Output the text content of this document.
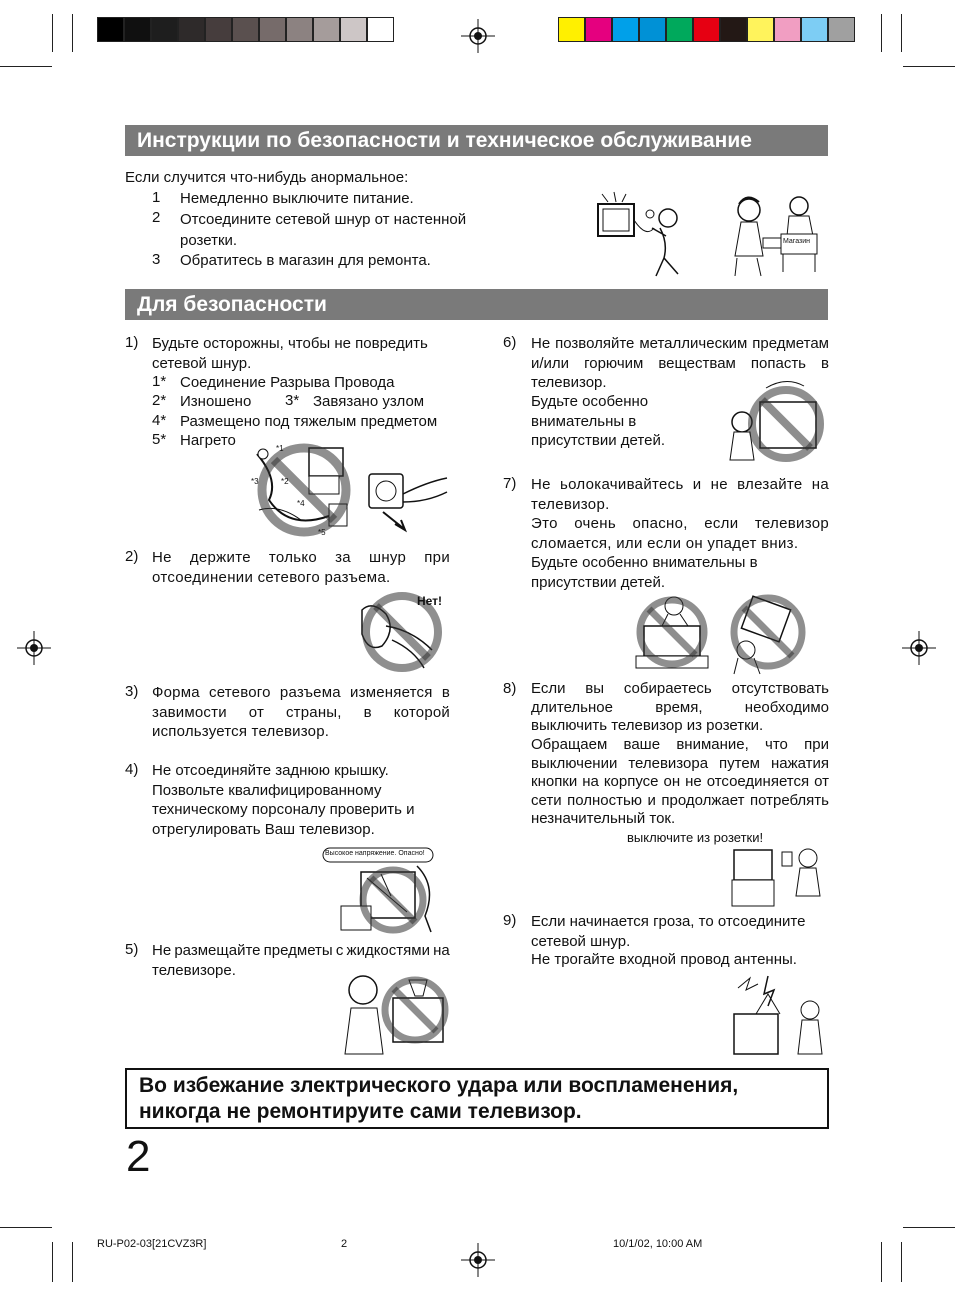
Инструкции по безопасности и техническое обслуживание
Если случится что-нибудь анормальное:
1 Немедленно выключите питание.
2 Отсоедините сетевой шнур от настенной розетки.
3 Обратитесь в магазин для ремонта.
Магазин
Для безопасности
1) Будьте осторожны, чтобы не повредить сетевой шнур.
1* Соединение Разрыва Провода
2* Изношено 3* Завязано узлом
4* Размещено под тяжелым предметом
5* Нагрето	*1
*2
*3
*4
*5
2) Не держите только за шнур при отсоединении сетевого разъема.
Нет!
3) Форма сетевого разъема изменяется в завимости от страны, в которой используется телевизор.
4) Не отсоединяйте заднюю крышку. Позвольте квалифицированному техническому порсоналу проверить и отрегулировать Ваш телевизор.
Высокое напряжение. Опасно!
5) Не размещайте предметы с жидкостями на телевизоре.
6) Не позволяйте металлическим предметам и/или горючим веществам попасть в телевизор.
Будьте особенно внимательны в присутствии детей.
7) Не ьолокачивайтесь и не влезайте на телевизор.
Это очень опасно, если телевизор сломается, или если он упадет вниз.
Будьте особенно внимательны в присутствии детей.
8) Если вы собираетесь отсутствовать длительное время, необходимо выключить телевизор из розетки.
Обращаем ваше внимание, что при выключении телевизора путем нажатия кнопки на корпусе он не отсоединяется от сети полностью и продолжает потреблять незначительный ток.
выключите из розетки!
9) Если начинается гроза, то отсоедините сетевой шнур.
Не трогайте входной провод антенны.
Во избежание злектрического удара или воспламенения,
никогда не ремонтируите сами телевизор.
2
RU-P02-03[21CVZ3R]	2	10/1/02, 10:00 AM
